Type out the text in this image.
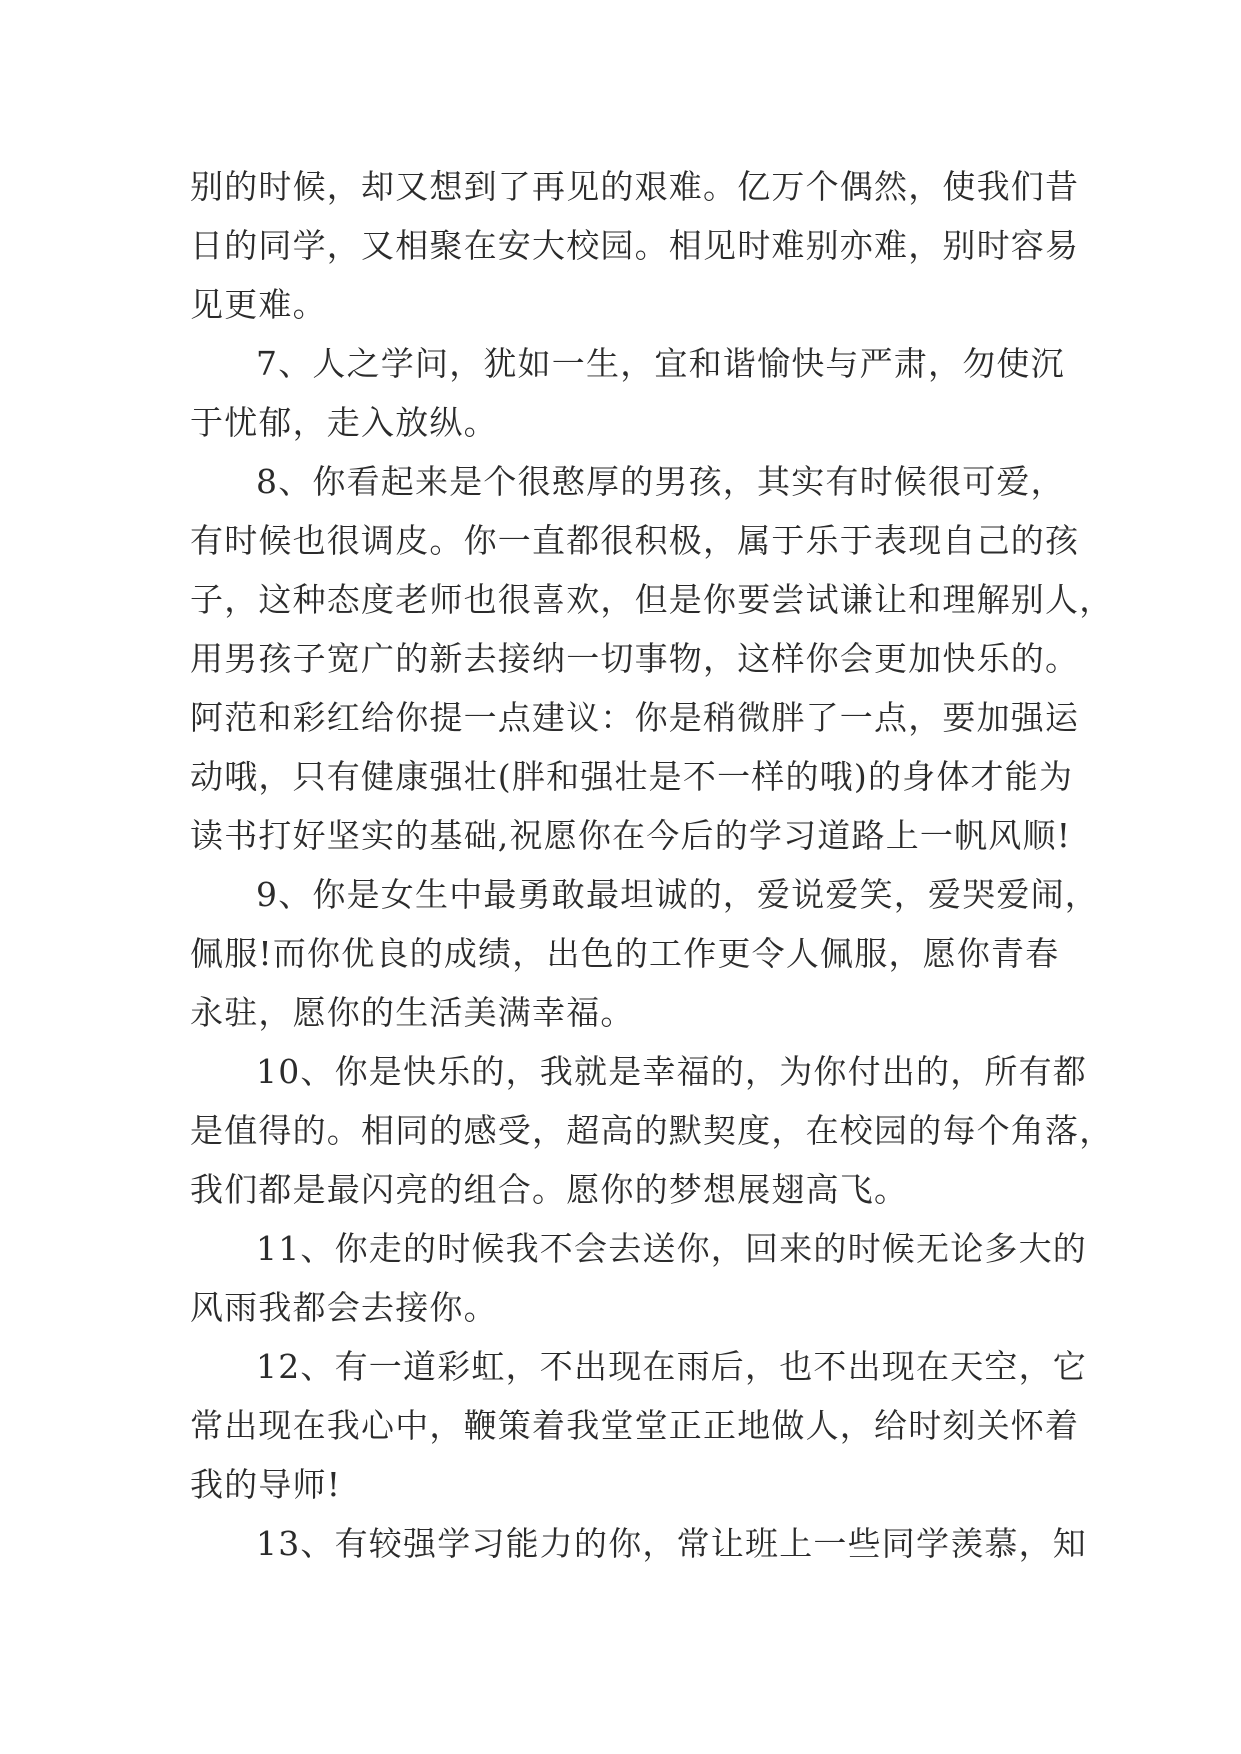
别的时候，却又想到了再见的艰难。亿万个偶然，使我们昔
日的同学，又相聚在安大校园。相见时难别亦难，别时容易
见更难。
7、人之学问，犹如一生，宜和谐愉快与严肃，勿使沉
于忧郁，走入放纵。
8、你看起来是个很憨厚的男孩，其实有时候很可爱，
有时候也很调皮。你一直都很积极，属于乐于表现自己的孩
子，这种态度老师也很喜欢，但是你要尝试谦让和理解别人，
用男孩子宽广的新去接纳一切事物，这样你会更加快乐的。
阿范和彩红给你提一点建议：你是稍微胖了一点，要加强运
动哦，只有健康强壮(胖和强壮是不一样的哦)的身体才能为
读书打好坚实的基础,祝愿你在今后的学习道路上一帆风顺!
9、你是女生中最勇敢最坦诚的，爱说爱笑，爱哭爱闹，
佩服!而你优良的成绩，出色的工作更令人佩服，愿你青春
永驻，愿你的生活美满幸福。
10、你是快乐的，我就是幸福的，为你付出的，所有都
是值得的。相同的感受，超高的默契度，在校园的每个角落，
我们都是最闪亮的组合。愿你的梦想展翅高飞。
11、你走的时候我不会去送你，回来的时候无论多大的
风雨我都会去接你。
12、有一道彩虹，不出现在雨后，也不出现在天空，它
常出现在我心中，鞭策着我堂堂正正地做人，给时刻关怀着
我的导师!
13、有较强学习能力的你，常让班上一些同学羡慕，知
